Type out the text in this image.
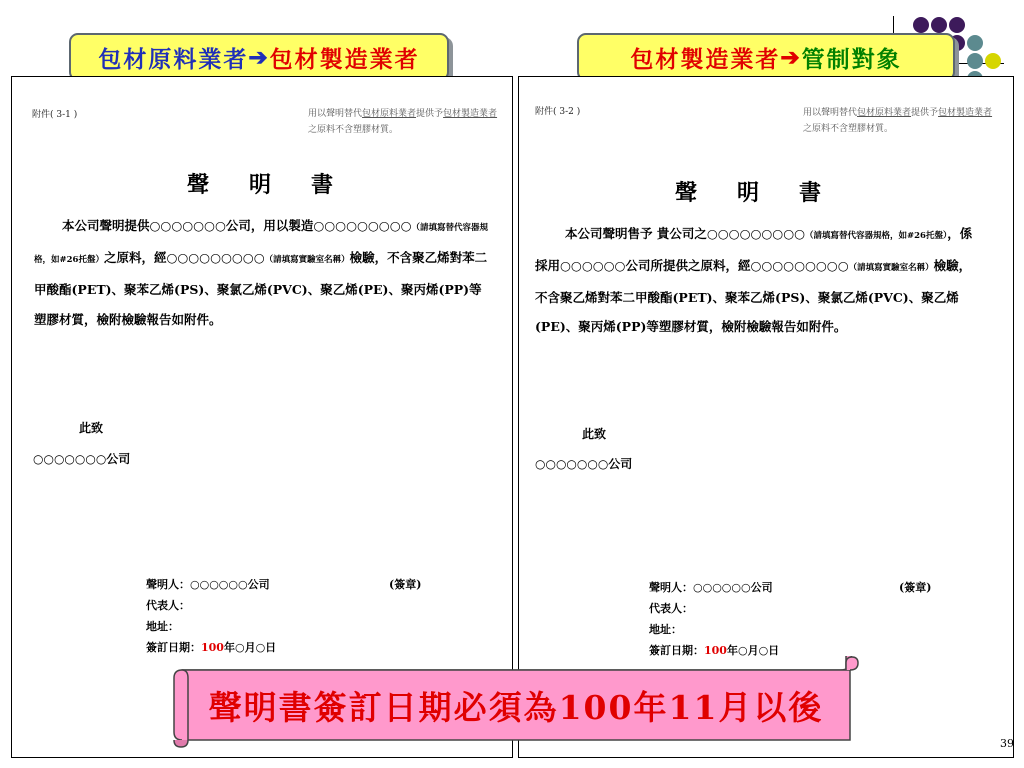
包材原料業者 ➔ 包材製造業者	包材製造業者 ➔ 管制對象
附件( 3-1 )	用以聲明替代包材原料業者提供予包材製造業者之原料不含塑膠材質。
聲明書
本公司聲明提供○○○○○○○公司，用以製造○○○○○○○○○（請填寫替代容器規格，如#26托盤）之原料，經○○○○○○○○○（請填寫實驗室名稱）檢驗，不含聚乙烯對苯二甲酸酯(PET)、聚苯乙烯(PS)、聚氯乙烯(PVC)、聚乙烯(PE)、聚丙烯(PP)等塑膠材質，檢附檢驗報告如附件。
此致
○○○○○○○公司
聲明人：○○○○○○公司	(簽章)
代表人：
地址：
簽訂日期：100年○月○日
附件( 3-2 )	用以聲明替代包材原料業者提供予包材製造業者之原料不含塑膠材質。
聲明書
本公司聲明售予 貴公司之○○○○○○○○○（請填寫替代容器規格，如#26托盤），係採用○○○○○○公司所提供之原料，經○○○○○○○○○（請填寫實驗室名稱）檢驗，不含聚乙烯對苯二甲酸酯(PET)、聚苯乙烯(PS)、聚氯乙烯(PVC)、聚乙烯(PE)、聚丙烯(PP)等塑膠材質，檢附檢驗報告如附件。
此致
○○○○○○○公司
聲明人：○○○○○○公司	(簽章)
代表人：
地址：
簽訂日期：100年○月○日
聲明書簽訂日期必須為100年11月以後
39
